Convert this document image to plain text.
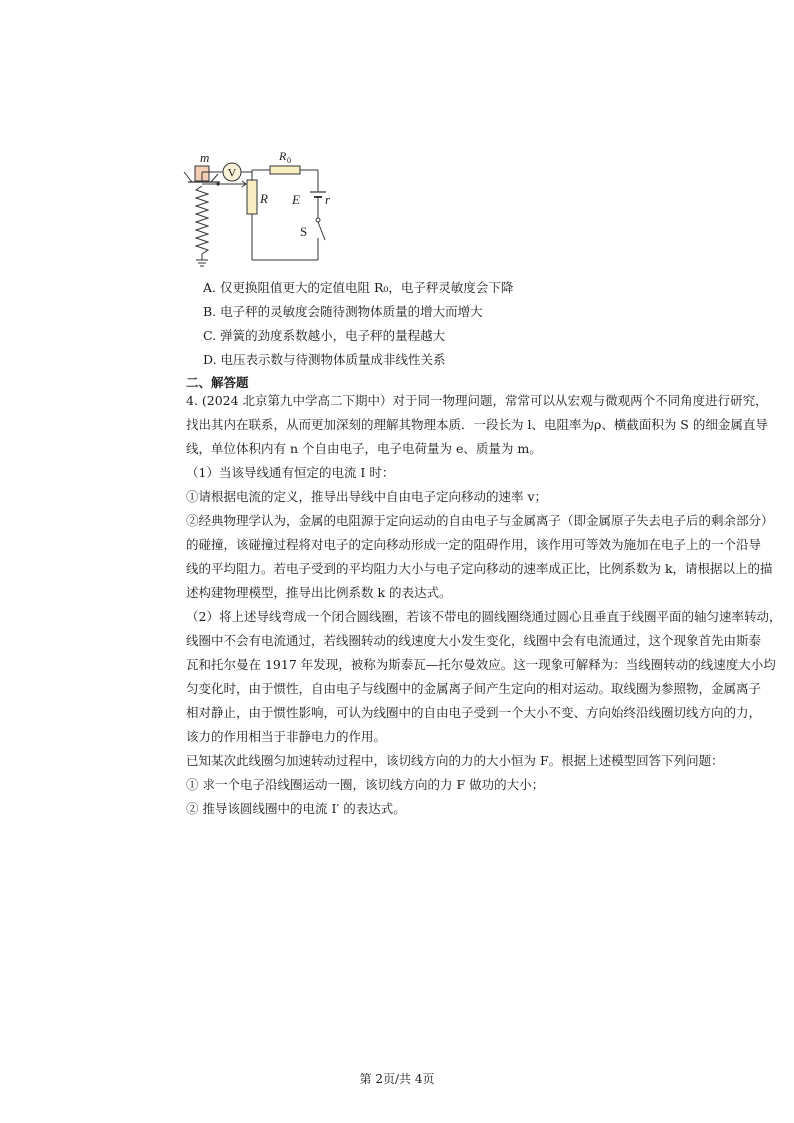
V
R
R 0
E r
S
m
A. 仅更换阻值更大的定值电阻 R₀，电子秤灵敏度会下降
B. 电子秤的灵敏度会随待测物体质量的增大而增大
C. 弹簧的劲度系数越小，电子秤的量程越大
D. 电压表示数与待测物体质量成非线性关系
二、解答题
4. (2024 北京第九中学高二下期中）对于同一物理问题，常常可以从宏观与微观两个不同角度进行研究，
找出其内在联系，从而更加深刻的理解其物理本质．一段长为 l、电阻率为ρ、横截面积为 S 的细金属直导
线，单位体积内有 n 个自由电子，电子电荷量为 e、质量为 m。
（1）当该导线通有恒定的电流 I 时：
①请根据电流的定义，推导出导线中自由电子定向移动的速率 v；
②经典物理学认为，金属的电阻源于定向运动的自由电子与金属离子（即金属原子失去电子后的剩余部分）
的碰撞，该碰撞过程将对电子的定向移动形成一定的阻碍作用，该作用可等效为施加在电子上的一个沿导
线的平均阻力。若电子受到的平均阻力大小与电子定向移动的速率成正比，比例系数为 k，请根据以上的描
述构建物理模型，推导出比例系数 k 的表达式。
（2）将上述导线弯成一个闭合圆线圈，若该不带电的圆线圈绕通过圆心且垂直于线圈平面的轴匀速率转动，
线圈中不会有电流通过，若线圈转动的线速度大小发生变化，线圈中会有电流通过，这个现象首先由斯泰
瓦和托尔曼在 1917 年发现，被称为斯泰瓦—托尔曼效应。这一现象可解释为：当线圈转动的线速度大小均
匀变化时，由于惯性，自由电子与线圈中的金属离子间产生定向的相对运动。取线圈为参照物，金属离子
相对静止，由于惯性影响，可认为线圈中的自由电子受到一个大小不变、方向始终沿线圈切线方向的力，
该力的作用相当于非静电力的作用。
已知某次此线圈匀加速转动过程中，该切线方向的力的大小恒为 F。根据上述模型回答下列问题：
① 求一个电子沿线圈运动一圈，该切线方向的力 F 做功的大小；
② 推导该圆线圈中的电流 I′ 的表达式。
第 2页/共 4页
